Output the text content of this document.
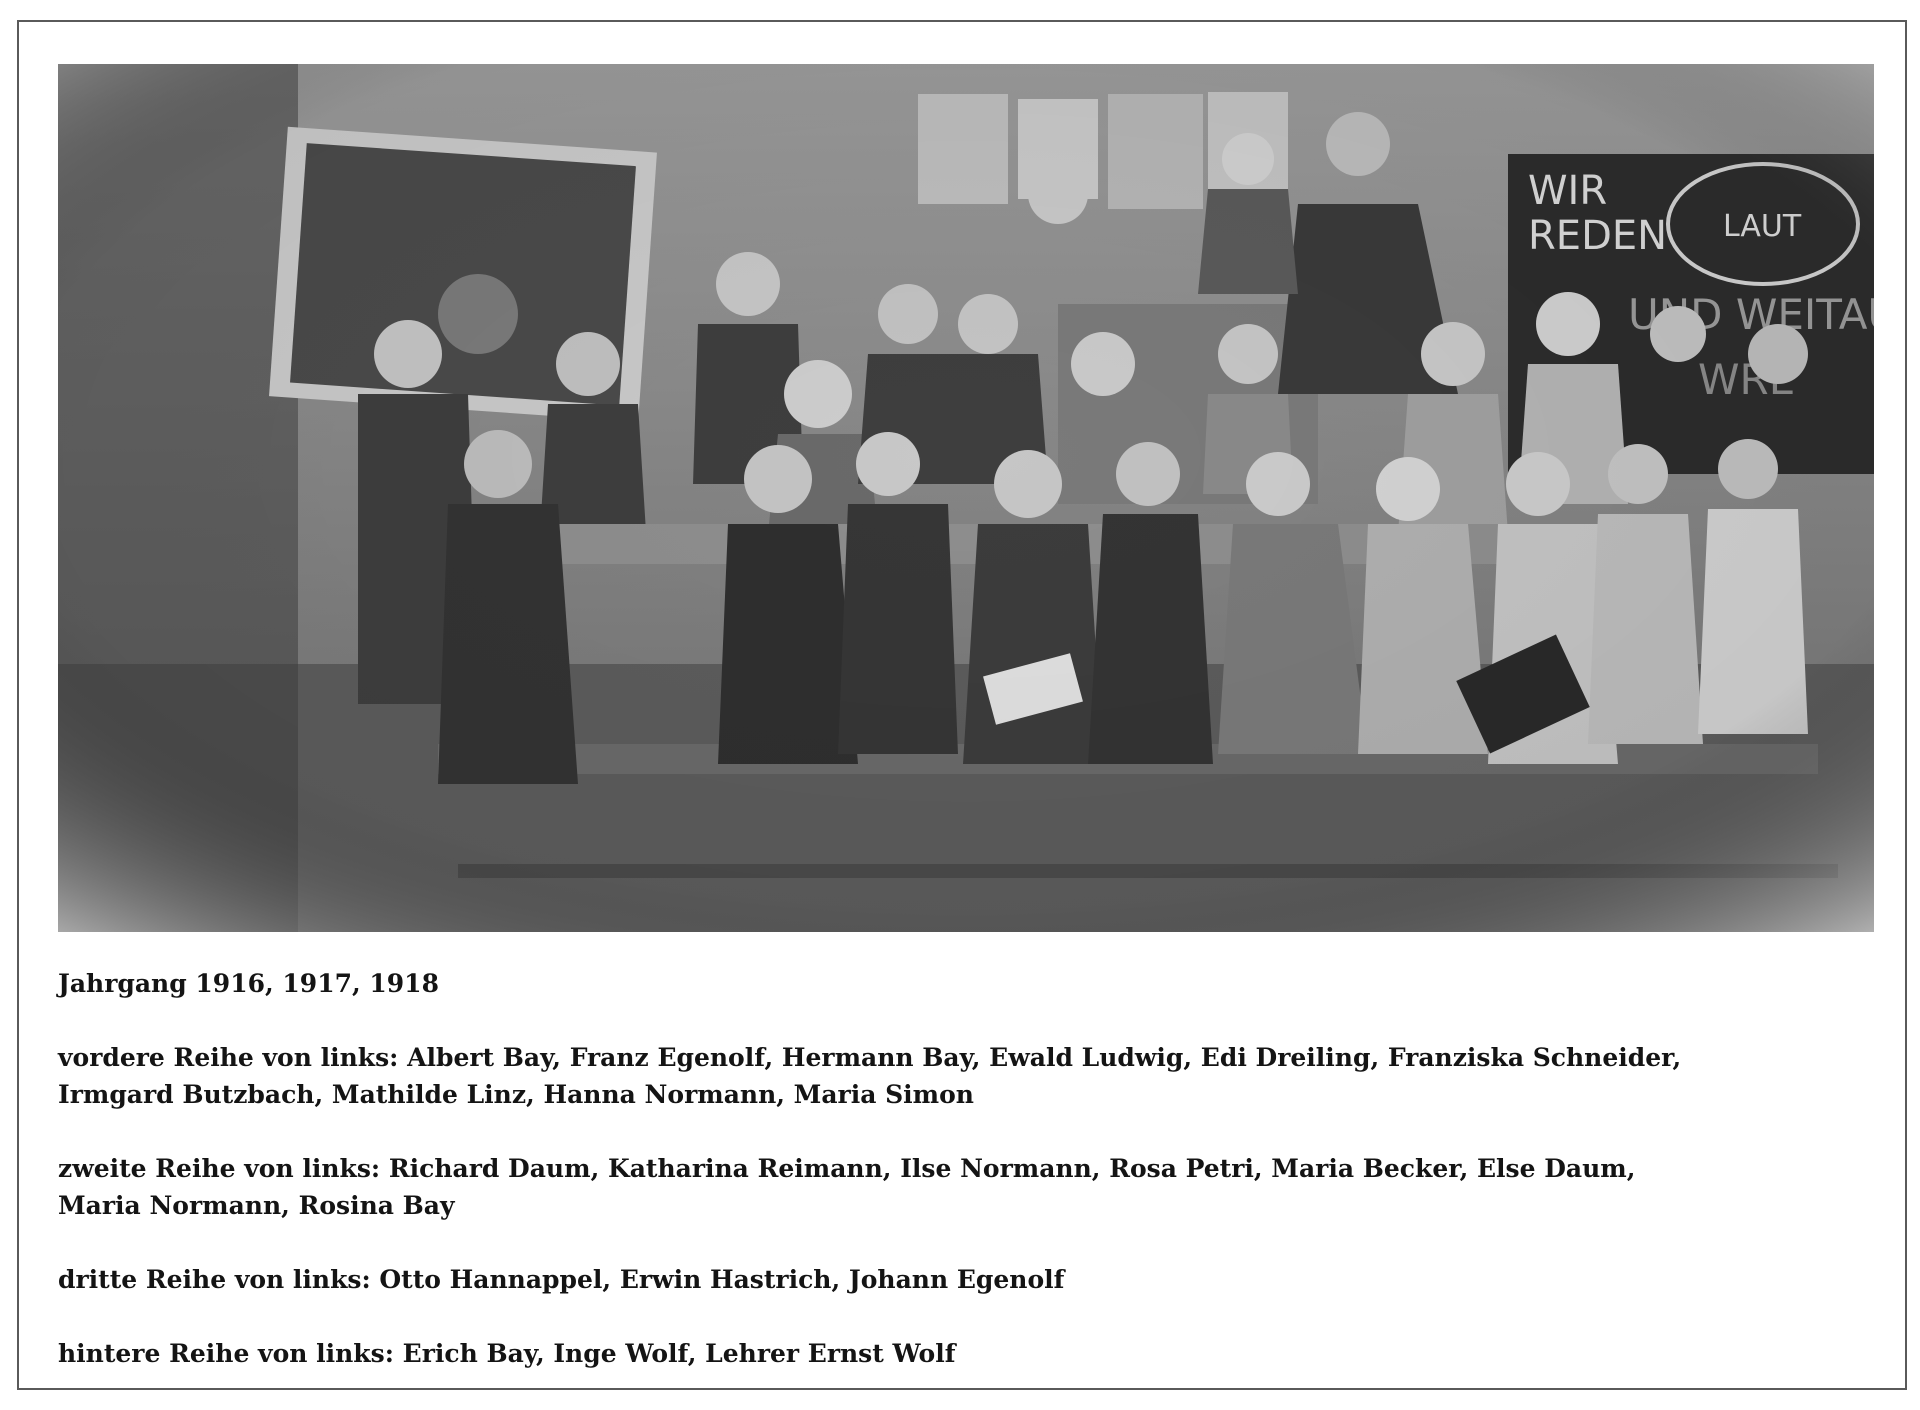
Jahrgang 1916, 1917, 1918

vordere Reihe von links : Albert Bay , Franz Egenolf , Hermann Bay , Ewald Ludwig , Edi Dreiling , Franziska Schneider ,
Irmgard Butzbach , Mathilde Linz , Hanna Normann , Maria Simon

zweite Reihe von links : Richard Daum , Katharina Reimann , Ilse Normann , Rosa Petri , Maria Becker , Else Daum ,
Maria Normann , Rosina Bay

dritte Reihe von links : Otto Hannappel , Erwin Hastrich , Johann Egenolf

hintere Reihe von links : Erich Bay , Inge Wolf , Lehrer Ernst Wolf
